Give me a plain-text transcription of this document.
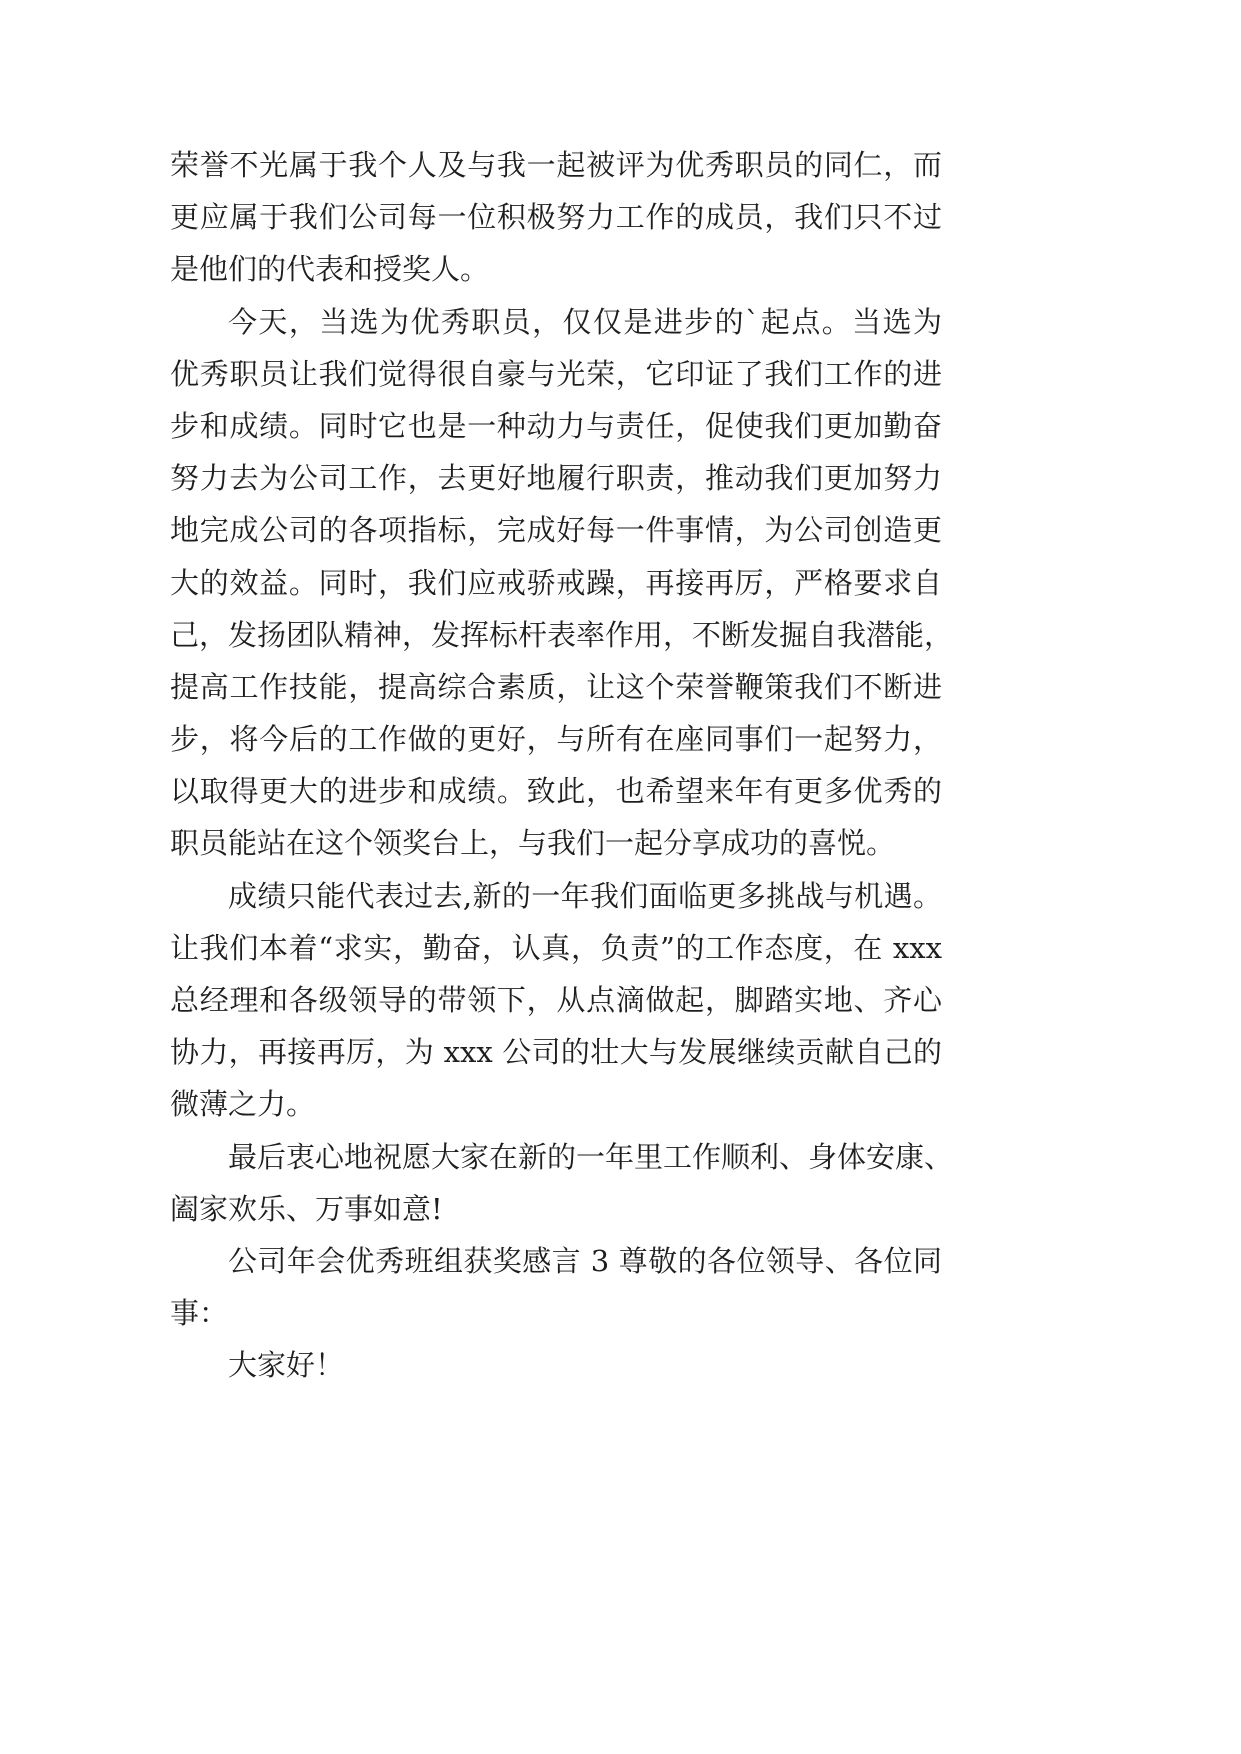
荣誉不光属于我个人及与我一起被评为优秀职员的同仁，而
更应属于我们公司每一位积极努力工作的成员，我们只不过
是他们的代表和授奖人。
今天，当选为优秀职员，仅仅是进步的`起点。当选为
优秀职员让我们觉得很自豪与光荣，它印证了我们工作的进
步和成绩。同时它也是一种动力与责任，促使我们更加勤奋
努力去为公司工作，去更好地履行职责，推动我们更加努力
地完成公司的各项指标，完成好每一件事情，为公司创造更
大的效益。同时，我们应戒骄戒躁，再接再厉，严格要求自
己，发扬团队精神，发挥标杆表率作用，不断发掘自我潜能，
提高工作技能，提高综合素质，让这个荣誉鞭策我们不断进
步，将今后的工作做的更好，与所有在座同事们一起努力，
以取得更大的进步和成绩。致此，也希望来年有更多优秀的
职员能站在这个领奖台上，与我们一起分享成功的喜悦。
成绩只能代表过去,新的一年我们面临更多挑战与机遇。
让我们本着“求实，勤奋，认真，负责”的工作态度，在 xxx
总经理和各级领导的带领下，从点滴做起，脚踏实地、齐心
协力，再接再厉，为 xxx 公司的壮大与发展继续贡献自己的
微薄之力。
最后衷心地祝愿大家在新的一年里工作顺利、身体安康、
阖家欢乐、万事如意!
公司年会优秀班组获奖感言 3 尊敬的各位领导、各位同
事：
大家好！
